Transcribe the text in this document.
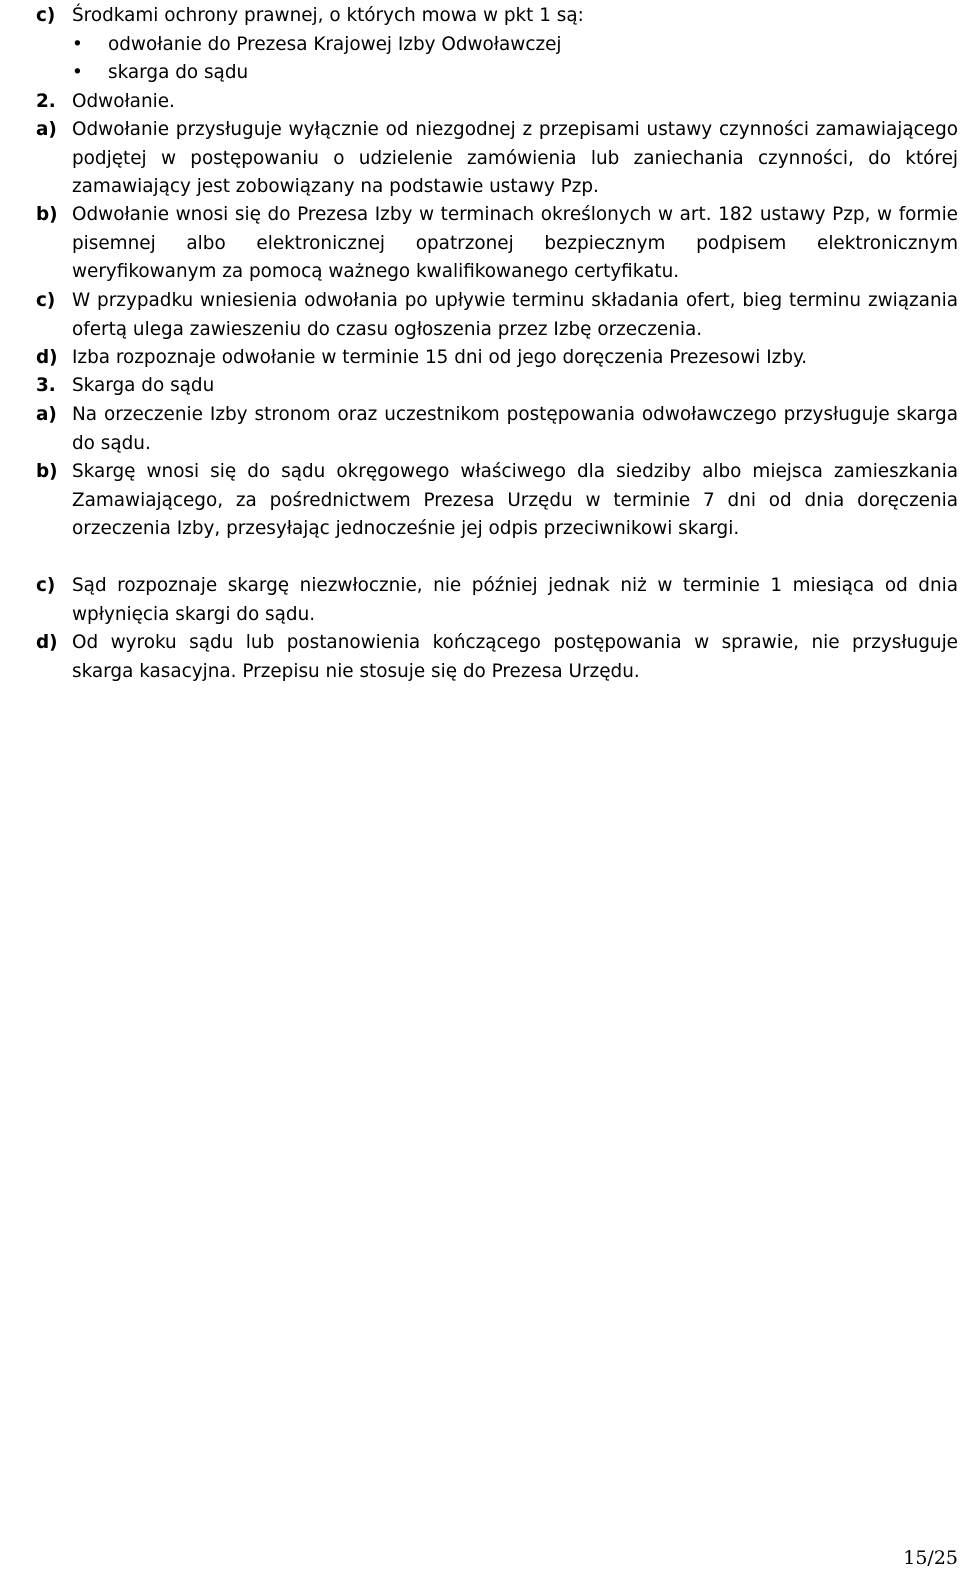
c) Środkami ochrony prawnej, o których mowa w pkt 1 są:
• odwołanie do Prezesa Krajowej Izby Odwoławczej
• skarga do sądu
2. Odwołanie.
a) Odwołanie przysługuje wyłącznie od niezgodnej z przepisami ustawy czynności zamawiającego podjętej w postępowaniu o udzielenie zamówienia lub zaniechania czynności, do której zamawiający jest zobowiązany na podstawie ustawy Pzp.
b) Odwołanie wnosi się do Prezesa Izby w terminach określonych w art. 182 ustawy Pzp, w formie pisemnej albo elektronicznej opatrzonej bezpiecznym podpisem elektronicznym weryfikowanym za pomocą ważnego kwalifikowanego certyfikatu.
c) W przypadku wniesienia odwołania po upływie terminu składania ofert, bieg terminu związania ofertą ulega zawieszeniu do czasu ogłoszenia przez Izbę orzeczenia.
d) Izba rozpoznaje odwołanie w terminie 15 dni od jego doręczenia Prezesowi Izby.
3. Skarga do sądu
a) Na orzeczenie Izby stronom oraz uczestnikom postępowania odwoławczego przysługuje skarga do sądu.
b) Skargę wnosi się do sądu okręgowego właściwego dla siedziby albo miejsca zamieszkania Zamawiającego, za pośrednictwem Prezesa Urzędu w terminie 7 dni od dnia doręczenia orzeczenia Izby, przesyłając jednocześnie jej odpis przeciwnikowi skargi.
c) Sąd rozpoznaje skargę niezwłocznie, nie później jednak niż w terminie 1 miesiąca od dnia wpłynięcia skargi do sądu.
d) Od wyroku sądu lub postanowienia kończącego postępowania w sprawie, nie przysługuje skarga kasacyjna. Przepisu nie stosuje się do Prezesa Urzędu.
15/25
